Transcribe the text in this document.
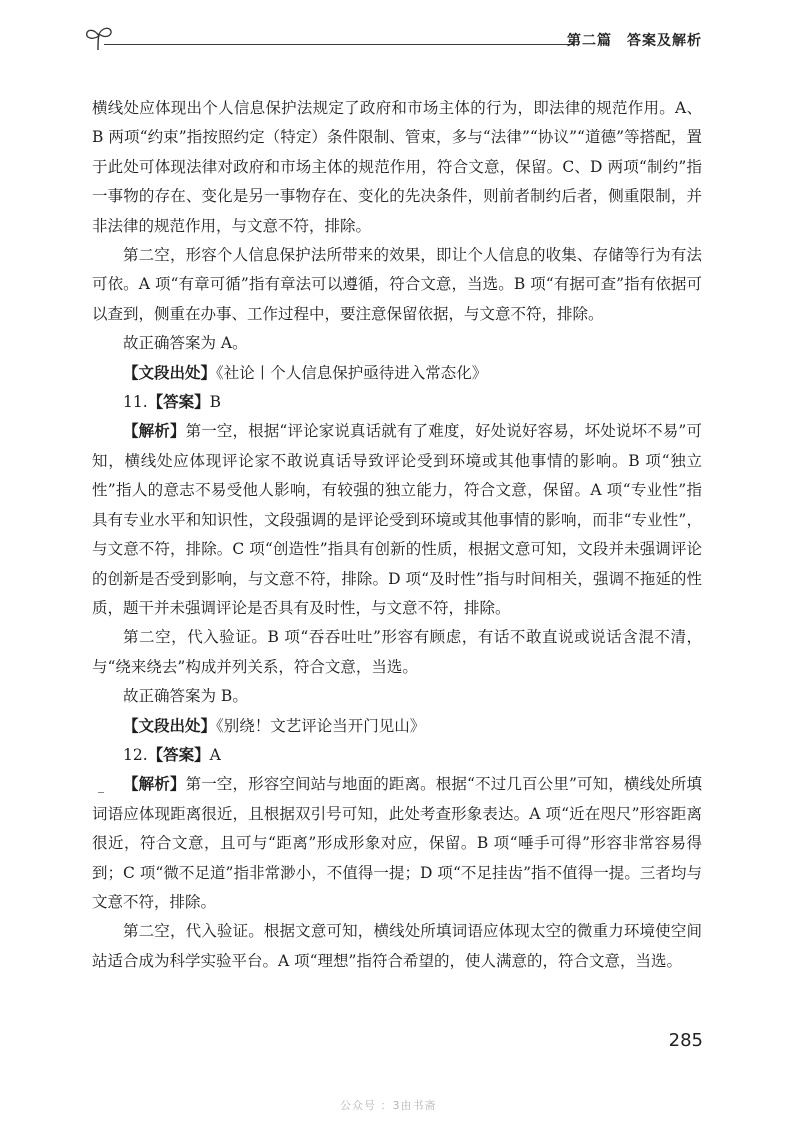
第二篇　答案及解析

横线处应体现出个人信息保护法规定了政府和市场主体的行为，即法律的规范作用。A、B 两项“约束”指按照约定（特定）条件限制、管束，多与“法律”“协议”“道德”等搭配，置于此处可体现法律对政府和市场主体的规范作用，符合文意，保留。C、D 两项“制约”指一事物的存在、变化是另一事物存在、变化的先决条件，则前者制约后者，侧重限制，并非法律的规范作用，与文意不符，排除。

第二空，形容个人信息保护法所带来的效果，即让个人信息的收集、存储等行为有法可依。A 项“有章可循”指有章法可以遵循，符合文意，当选。B 项“有据可查”指有依据可以查到，侧重在办事、工作过程中，要注意保留依据，与文意不符，排除。

故正确答案为 A。

【文段出处】《社论丨个人信息保护亟待进入常态化》

11.【答案】B

【解析】第一空，根据“评论家说真话就有了难度，好处说好容易，坏处说坏不易”可知，横线处应体现评论家不敢说真话导致评论受到环境或其他事情的影响。B 项“独立性”指人的意志不易受他人影响，有较强的独立能力，符合文意，保留。A 项“专业性”指具有专业水平和知识性，文段强调的是评论受到环境或其他事情的影响，而非“专业性”，与文意不符，排除。C 项“创造性”指具有创新的性质，根据文意可知，文段并未强调评论的创新是否受到影响，与文意不符，排除。D 项“及时性”指与时间相关，强调不拖延的性质，题干并未强调评论是否具有及时性，与文意不符，排除。

第二空，代入验证。B 项“吞吞吐吐”形容有顾虑，有话不敢直说或说话含混不清，与“绕来绕去”构成并列关系，符合文意，当选。

故正确答案为 B。

【文段出处】《别绕！文艺评论当开门见山》

12.【答案】A

【解析】第一空，形容空间站与地面的距离。根据“不过几百公里”可知，横线处所填词语应体现距离很近，且根据双引号可知，此处考查形象表达。A 项“近在咫尺”形容距离很近，符合文意，且可与“距离”形成形象对应，保留。B 项“唾手可得”形容非常容易得到；C 项“微不足道”指非常渺小，不值得一提；D 项“不足挂齿”指不值得一提。三者均与文意不符，排除。

第二空，代入验证。根据文意可知，横线处所填词语应体现太空的微重力环境使空间站适合成为科学实验平台。A 项“理想”指符合希望的，使人满意的，符合文意，当选。

285
公众号 ：3由书斋
